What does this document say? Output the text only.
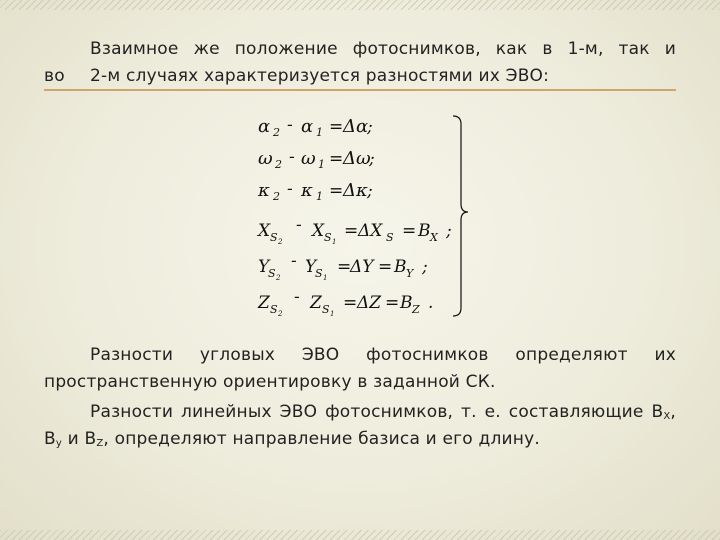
Взаимное же положение фотоснимков, как в 1-м, так и
во	2-м случаях характеризуется разностями их ЭВО:
α 2 - α 1 = Δα
;
ω 2 - ω 1 = Δω
;
κ 2 - κ 1 = Δκ ;
X S 2
- X S 1
= ΔX S = B X ;
Y
S 2
- Y
S 1
=
ΔY = B Y ;
Z S 2
- Z S 1
= ΔZ = B Z .

Разности угловых ЭВО фотоснимков определяют их пространственную ориентировку в заданной СК.

Разности линейных ЭВО фотоснимков, т. е. составляющие $B_X$, $B_y$ и $B_Z$, определяют направление базиса и его длину.
